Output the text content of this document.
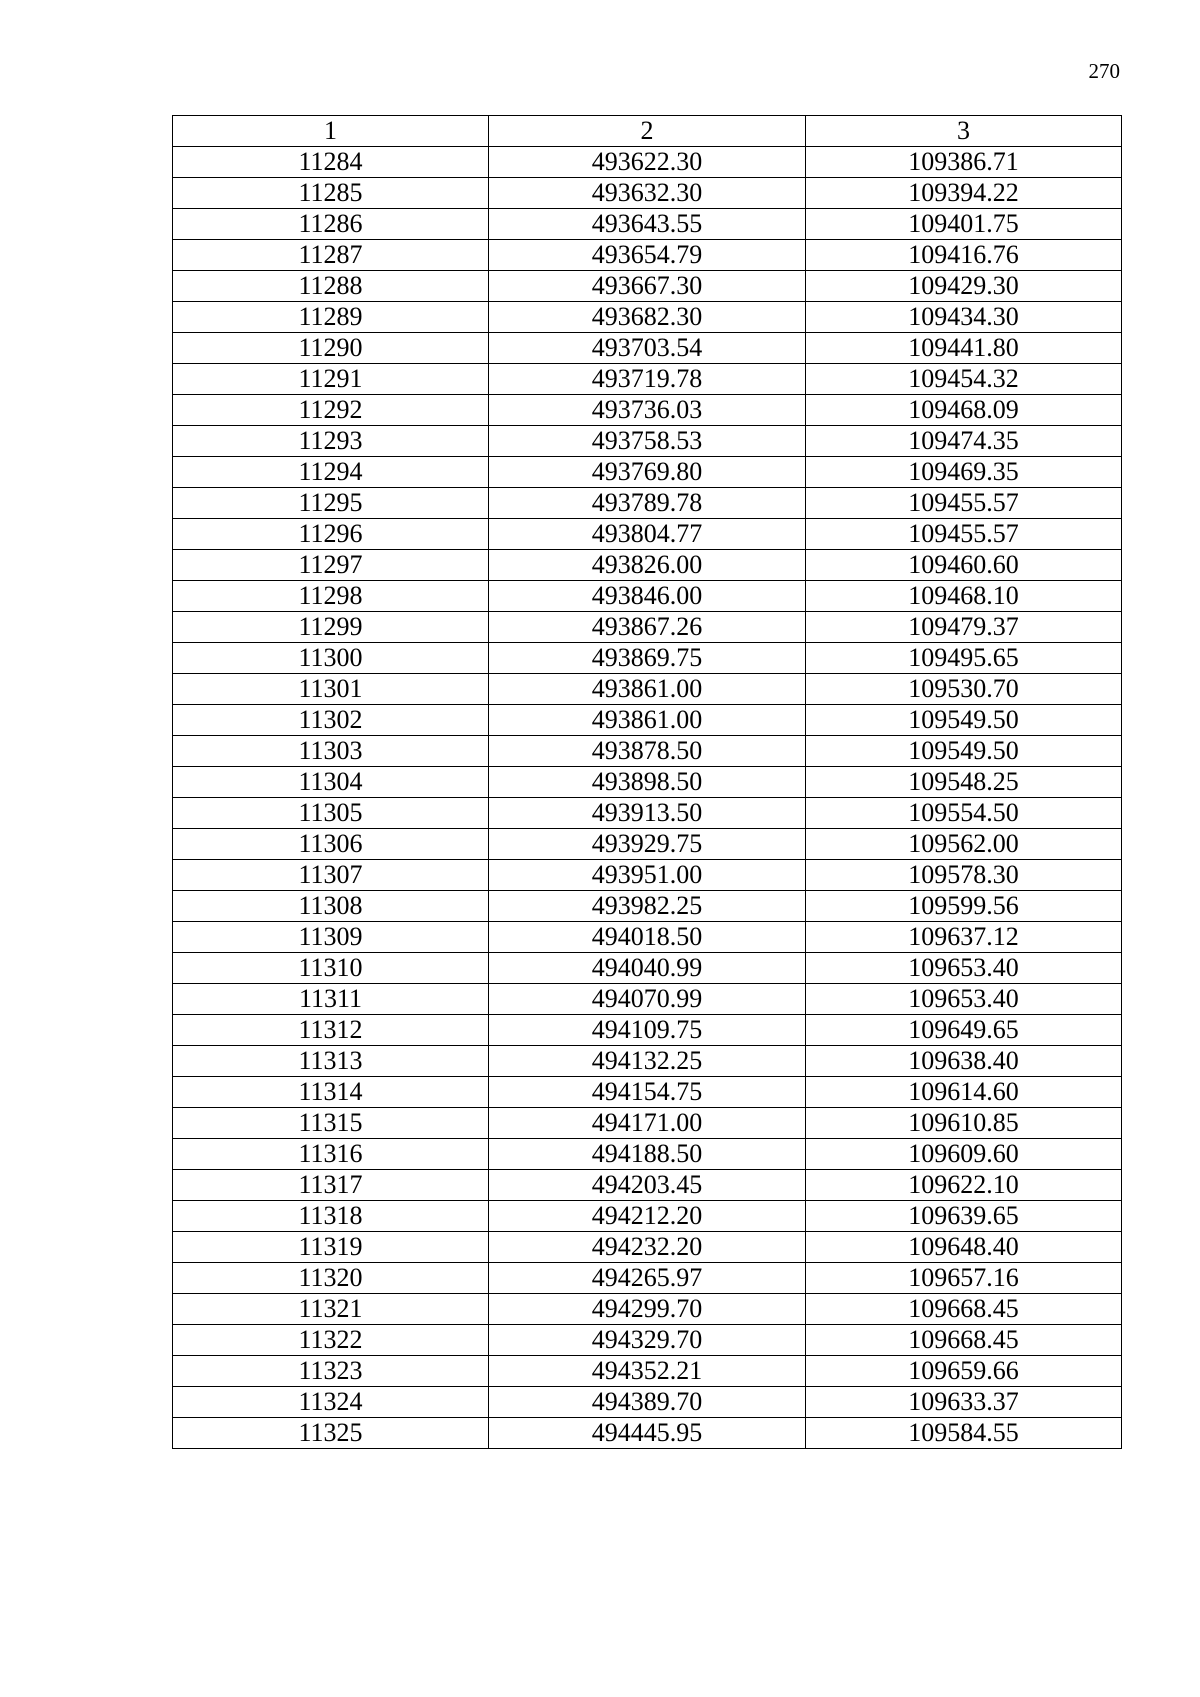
270
1	2	3
11284	493622.30	109386.71
11285	493632.30	109394.22
11286	493643.55	109401.75
11287	493654.79	109416.76
11288	493667.30	109429.30
11289	493682.30	109434.30
11290	493703.54	109441.80
11291	493719.78	109454.32
11292	493736.03	109468.09
11293	493758.53	109474.35
11294	493769.80	109469.35
11295	493789.78	109455.57
11296	493804.77	109455.57
11297	493826.00	109460.60
11298	493846.00	109468.10
11299	493867.26	109479.37
11300	493869.75	109495.65
11301	493861.00	109530.70
11302	493861.00	109549.50
11303	493878.50	109549.50
11304	493898.50	109548.25
11305	493913.50	109554.50
11306	493929.75	109562.00
11307	493951.00	109578.30
11308	493982.25	109599.56
11309	494018.50	109637.12
11310	494040.99	109653.40
11311	494070.99	109653.40
11312	494109.75	109649.65
11313	494132.25	109638.40
11314	494154.75	109614.60
11315	494171.00	109610.85
11316	494188.50	109609.60
11317	494203.45	109622.10
11318	494212.20	109639.65
11319	494232.20	109648.40
11320	494265.97	109657.16
11321	494299.70	109668.45
11322	494329.70	109668.45
11323	494352.21	109659.66
11324	494389.70	109633.37
11325	494445.95	109584.55
